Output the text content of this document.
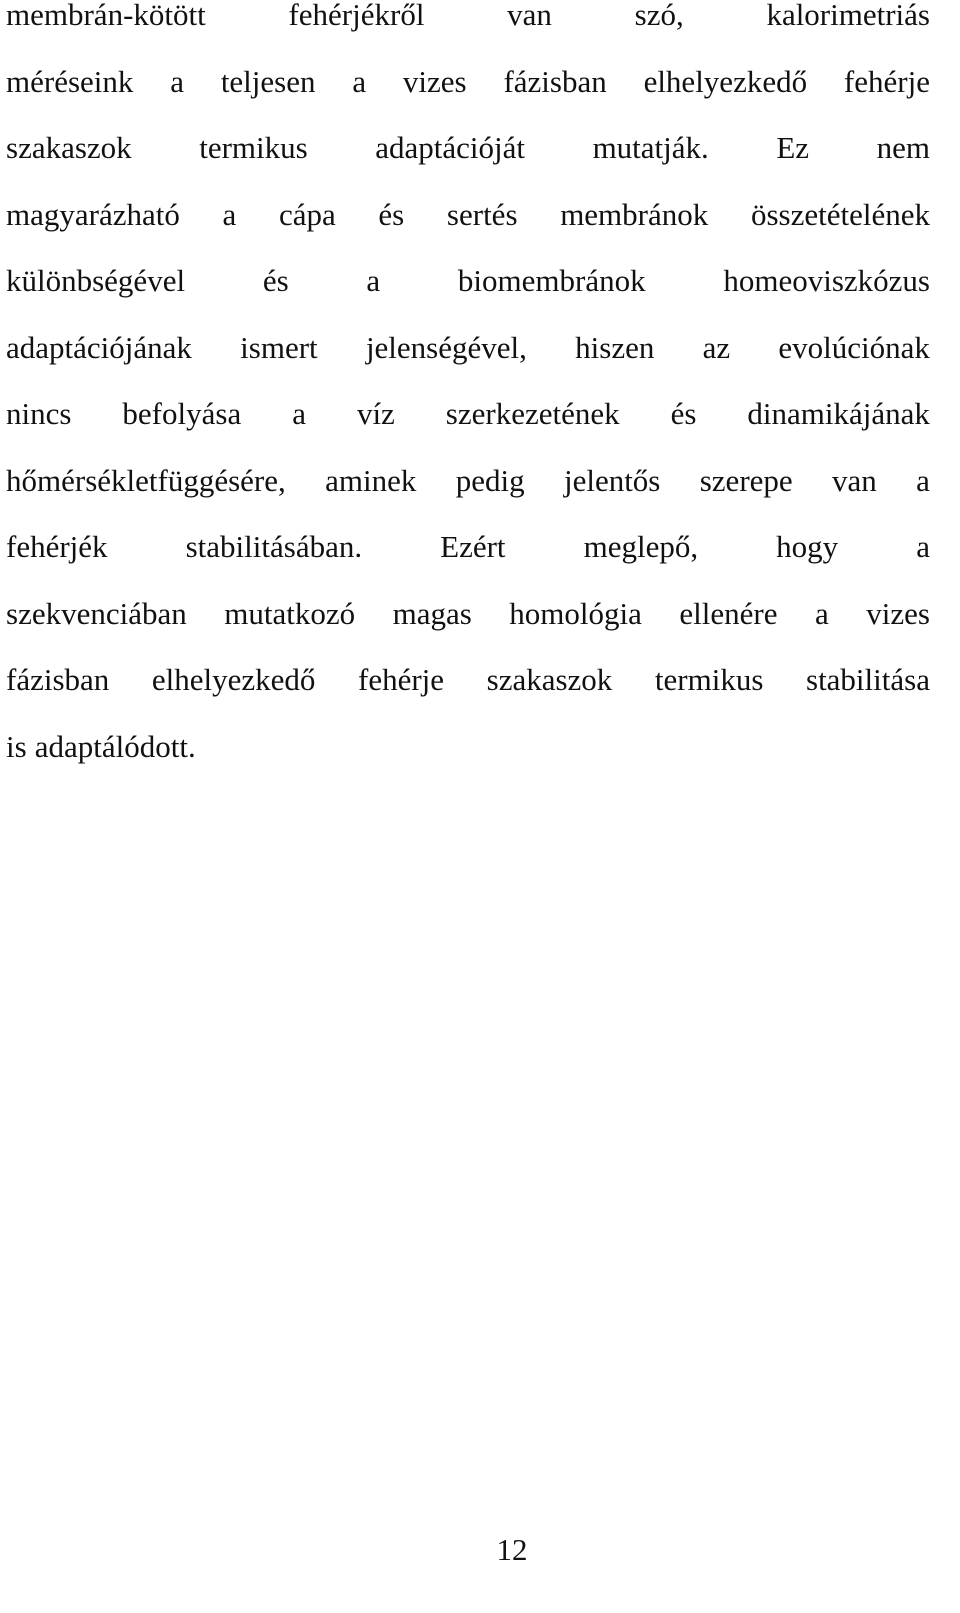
membrán-kötött	fehérjékről	van	szó,	kalorimetriás
méréseink a teljesen a vizes fázisban elhelyezkedő fehérje
szakaszok termikus adaptációját mutatják. Ez nem
magyarázható a cápa és sertés membránok összetételének
különbségével	és	a	biomembránok	homeoviszkózus
adaptációjának ismert jelenségével, hiszen az evolúciónak
nincs befolyása a víz szerkezetének és dinamikájának
hőmérsékletfüggésére, aminek pedig jelentős szerepe van a
fehérjék	stabilitásában.	Ezért	meglepő,	hogy	a
szekvenciában mutatkozó magas homológia ellenére a vizes
fázisban elhelyezkedő fehérje szakaszok termikus stabilitása
is adaptálódott.
12
